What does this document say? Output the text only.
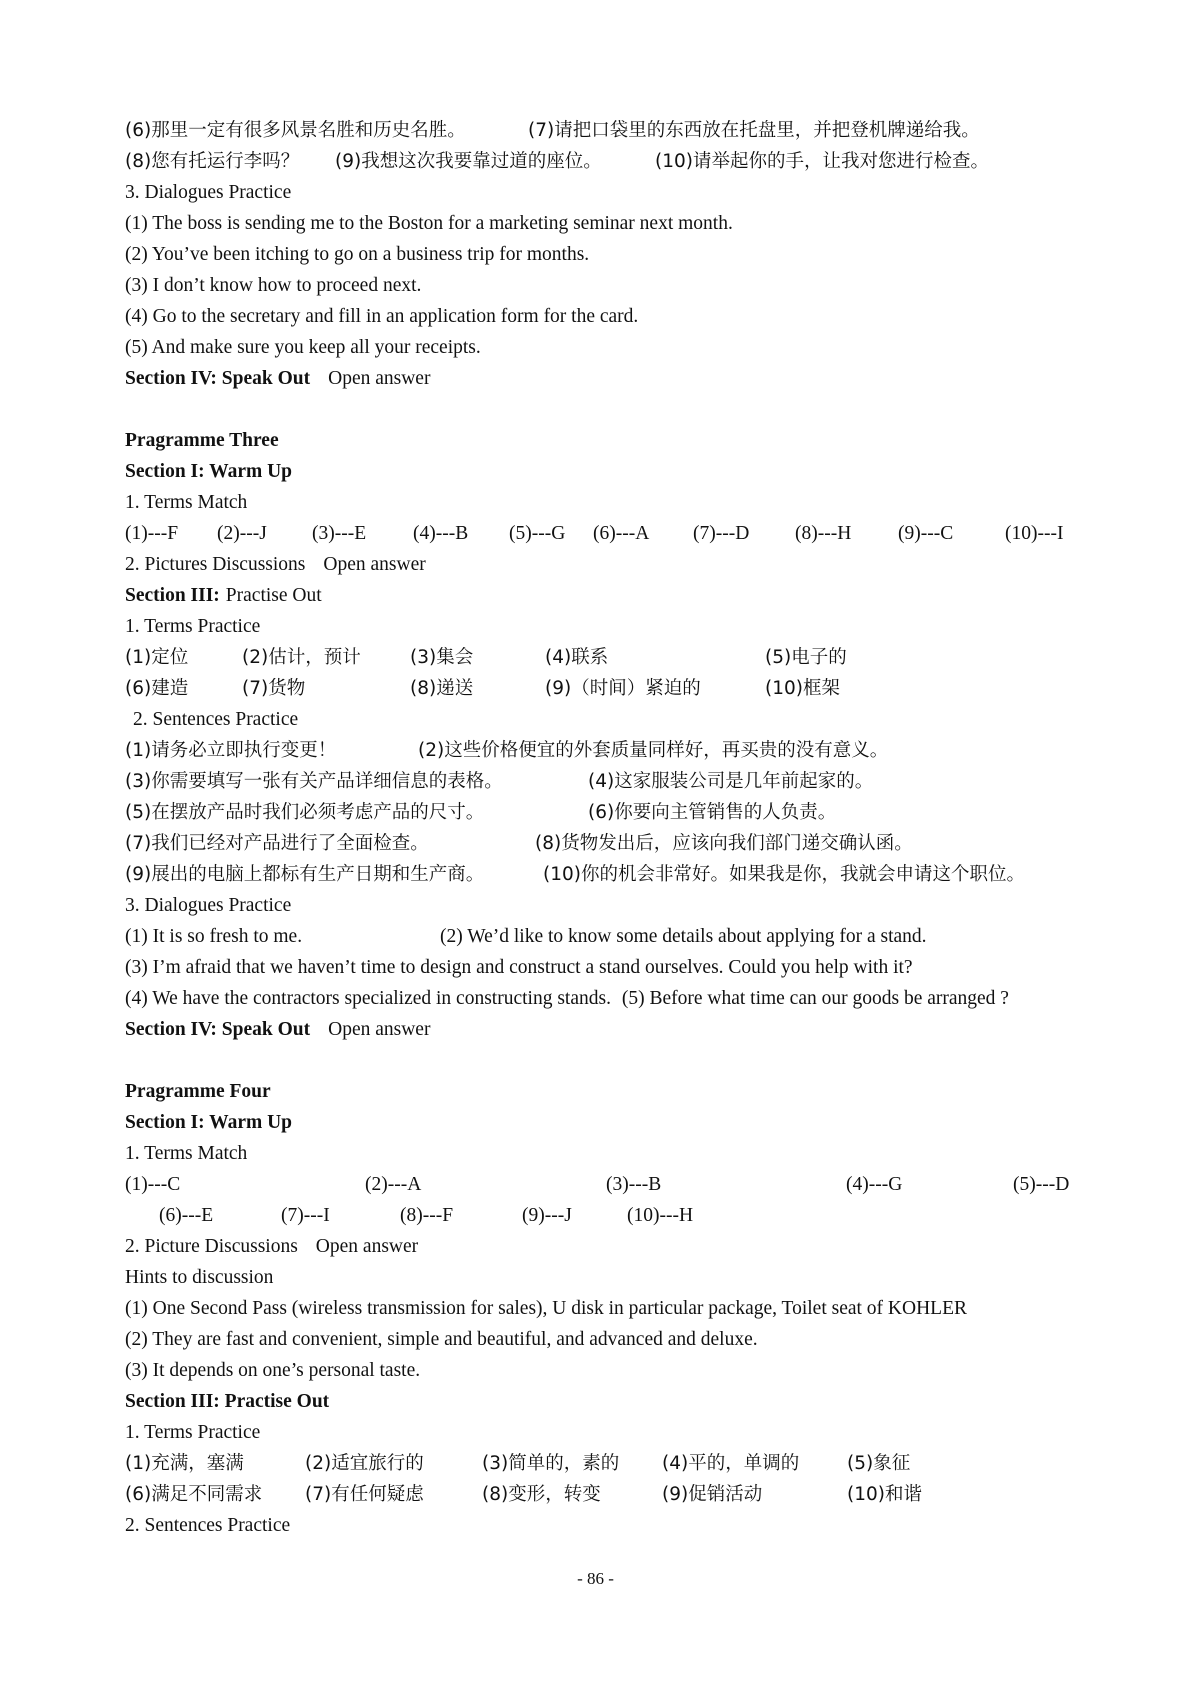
(6)那里一定有很多风景名胜和历史名胜。	(7)请把口袋里的东西放在托盘里，并把登机牌递给我。
(8)您有托运行李吗？ (9)我想这次我要靠过道的座位。	(10)请举起你的手，让我对您进行检查。
3. Dialogues Practice
(1) The boss is sending me to the Boston for a marketing seminar next month.
(2) You’ve been itching to go on a business trip for months.
(3) I don’t know how to proceed next.
(4) Go to the secretary and fill in an application form for the card.
(5) And make sure you keep all your receipts.
Section IV: Speak Out Open answer
Pragramme Three
Section I: Warm Up
1. Terms Match
(1)---F (2)---J (3)---E (4)---B (5)---G (6)---A (7)---D (8)---H (9)---C	(10)---I
2. Pictures Discussions Open answer
Section III: Practise Out
1. Terms Practice
(1)定位	(2)估计，预计	(3)集会	(4)联系	(5)电子的
(6)建造	(7)货物	(8)递送	(9)（时间）紧迫的	(10)框架
2. Sentences Practice
(1)请务必立即执行变更！	(2)这些价格便宜的外套质量同样好，再买贵的没有意义。
(3)你需要填写一张有关产品详细信息的表格。	(4)这家服装公司是几年前起家的。
(5)在摆放产品时我们必须考虑产品的尺寸。	(6)你要向主管销售的人负责。
(7)我们已经对产品进行了全面检查。	(8)货物发出后，应该向我们部门递交确认函。
(9)展出的电脑上都标有生产日期和生产商。	(10)你的机会非常好。如果我是你，我就会申请这个职位。
3. Dialogues Practice
(1) It is so fresh to me.	(2) We’d like to know some details about applying for a stand.
(3) I’m afraid that we haven’t time to design and construct a stand ourselves. Could you help with it?
(4) We have the contractors specialized in constructing stands. (5) Before what time can our goods be arranged ?
Section IV: Speak Out Open answer
Pragramme Four
Section I: Warm Up
1. Terms Match
(1)---C	(2)---A	(3)---B	(4)---G	(5)---D
(6)---E	(7)---I	(8)---F	(9)---J	(10)---H
2. Picture Discussions Open answer
Hints to discussion
(1) One Second Pass (wireless transmission for sales), U disk in particular package, Toilet seat of KOHLER
(2) They are fast and convenient, simple and beautiful, and advanced and deluxe.
(3) It depends on one’s personal taste.
Section III: Practise Out
1. Terms Practice
(1)充满，塞满	(2)适宜旅行的	(3)简单的，素的 (4)平的，单调的	(5)象征
(6)满足不同需求 (7)有任何疑虑	(8)变形，转变	(9)促销活动	(10)和谐
2. Sentences Practice
- 86 -
